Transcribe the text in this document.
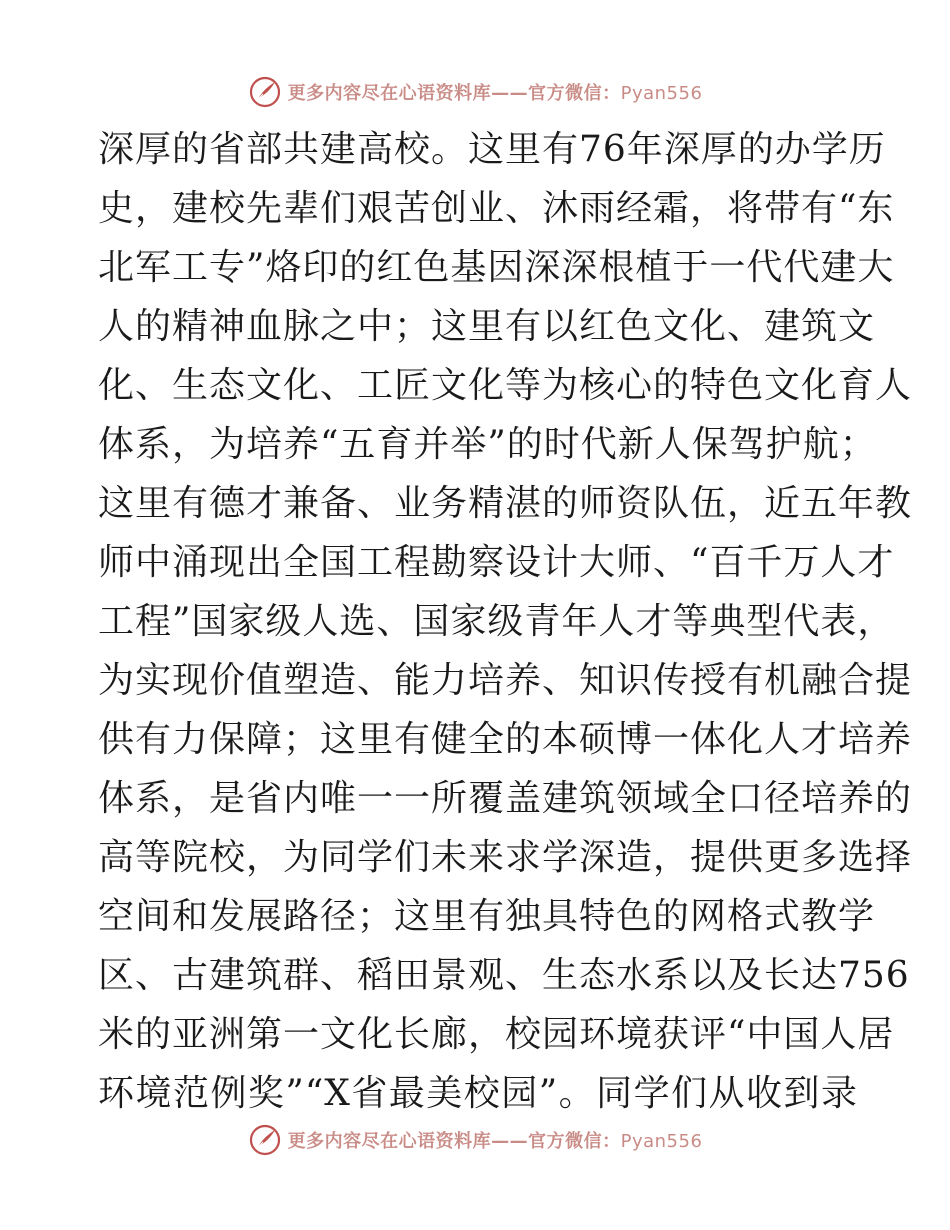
更多内容尽在心语资料库——官方微信：Pyan556
深厚的省部共建高校。这里有76年深厚的办学历
史，建校先辈们艰苦创业、沐雨经霜，将带有“东
北军工专”烙印的红色基因深深根植于一代代建大
人的精神血脉之中；这里有以红色文化、建筑文
化、生态文化、工匠文化等为核心的特色文化育人
体系，为培养“五育并举”的时代新人保驾护航；
这里有德才兼备、业务精湛的师资队伍，近五年教
师中涌现出全国工程勘察设计大师、“百千万人才
工程”国家级人选、国家级青年人才等典型代表，
为实现价值塑造、能力培养、知识传授有机融合提
供有力保障；这里有健全的本硕博一体化人才培养
体系，是省内唯一一所覆盖建筑领域全口径培养的
高等院校，为同学们未来求学深造，提供更多选择
空间和发展路径；这里有独具特色的网格式教学
区、古建筑群、稻田景观、生态水系以及长达756
米的亚洲第一文化长廊，校园环境获评“中国人居
环境范例奖”“X省最美校园”。同学们从收到录
更多内容尽在心语资料库——官方微信：Pyan556
